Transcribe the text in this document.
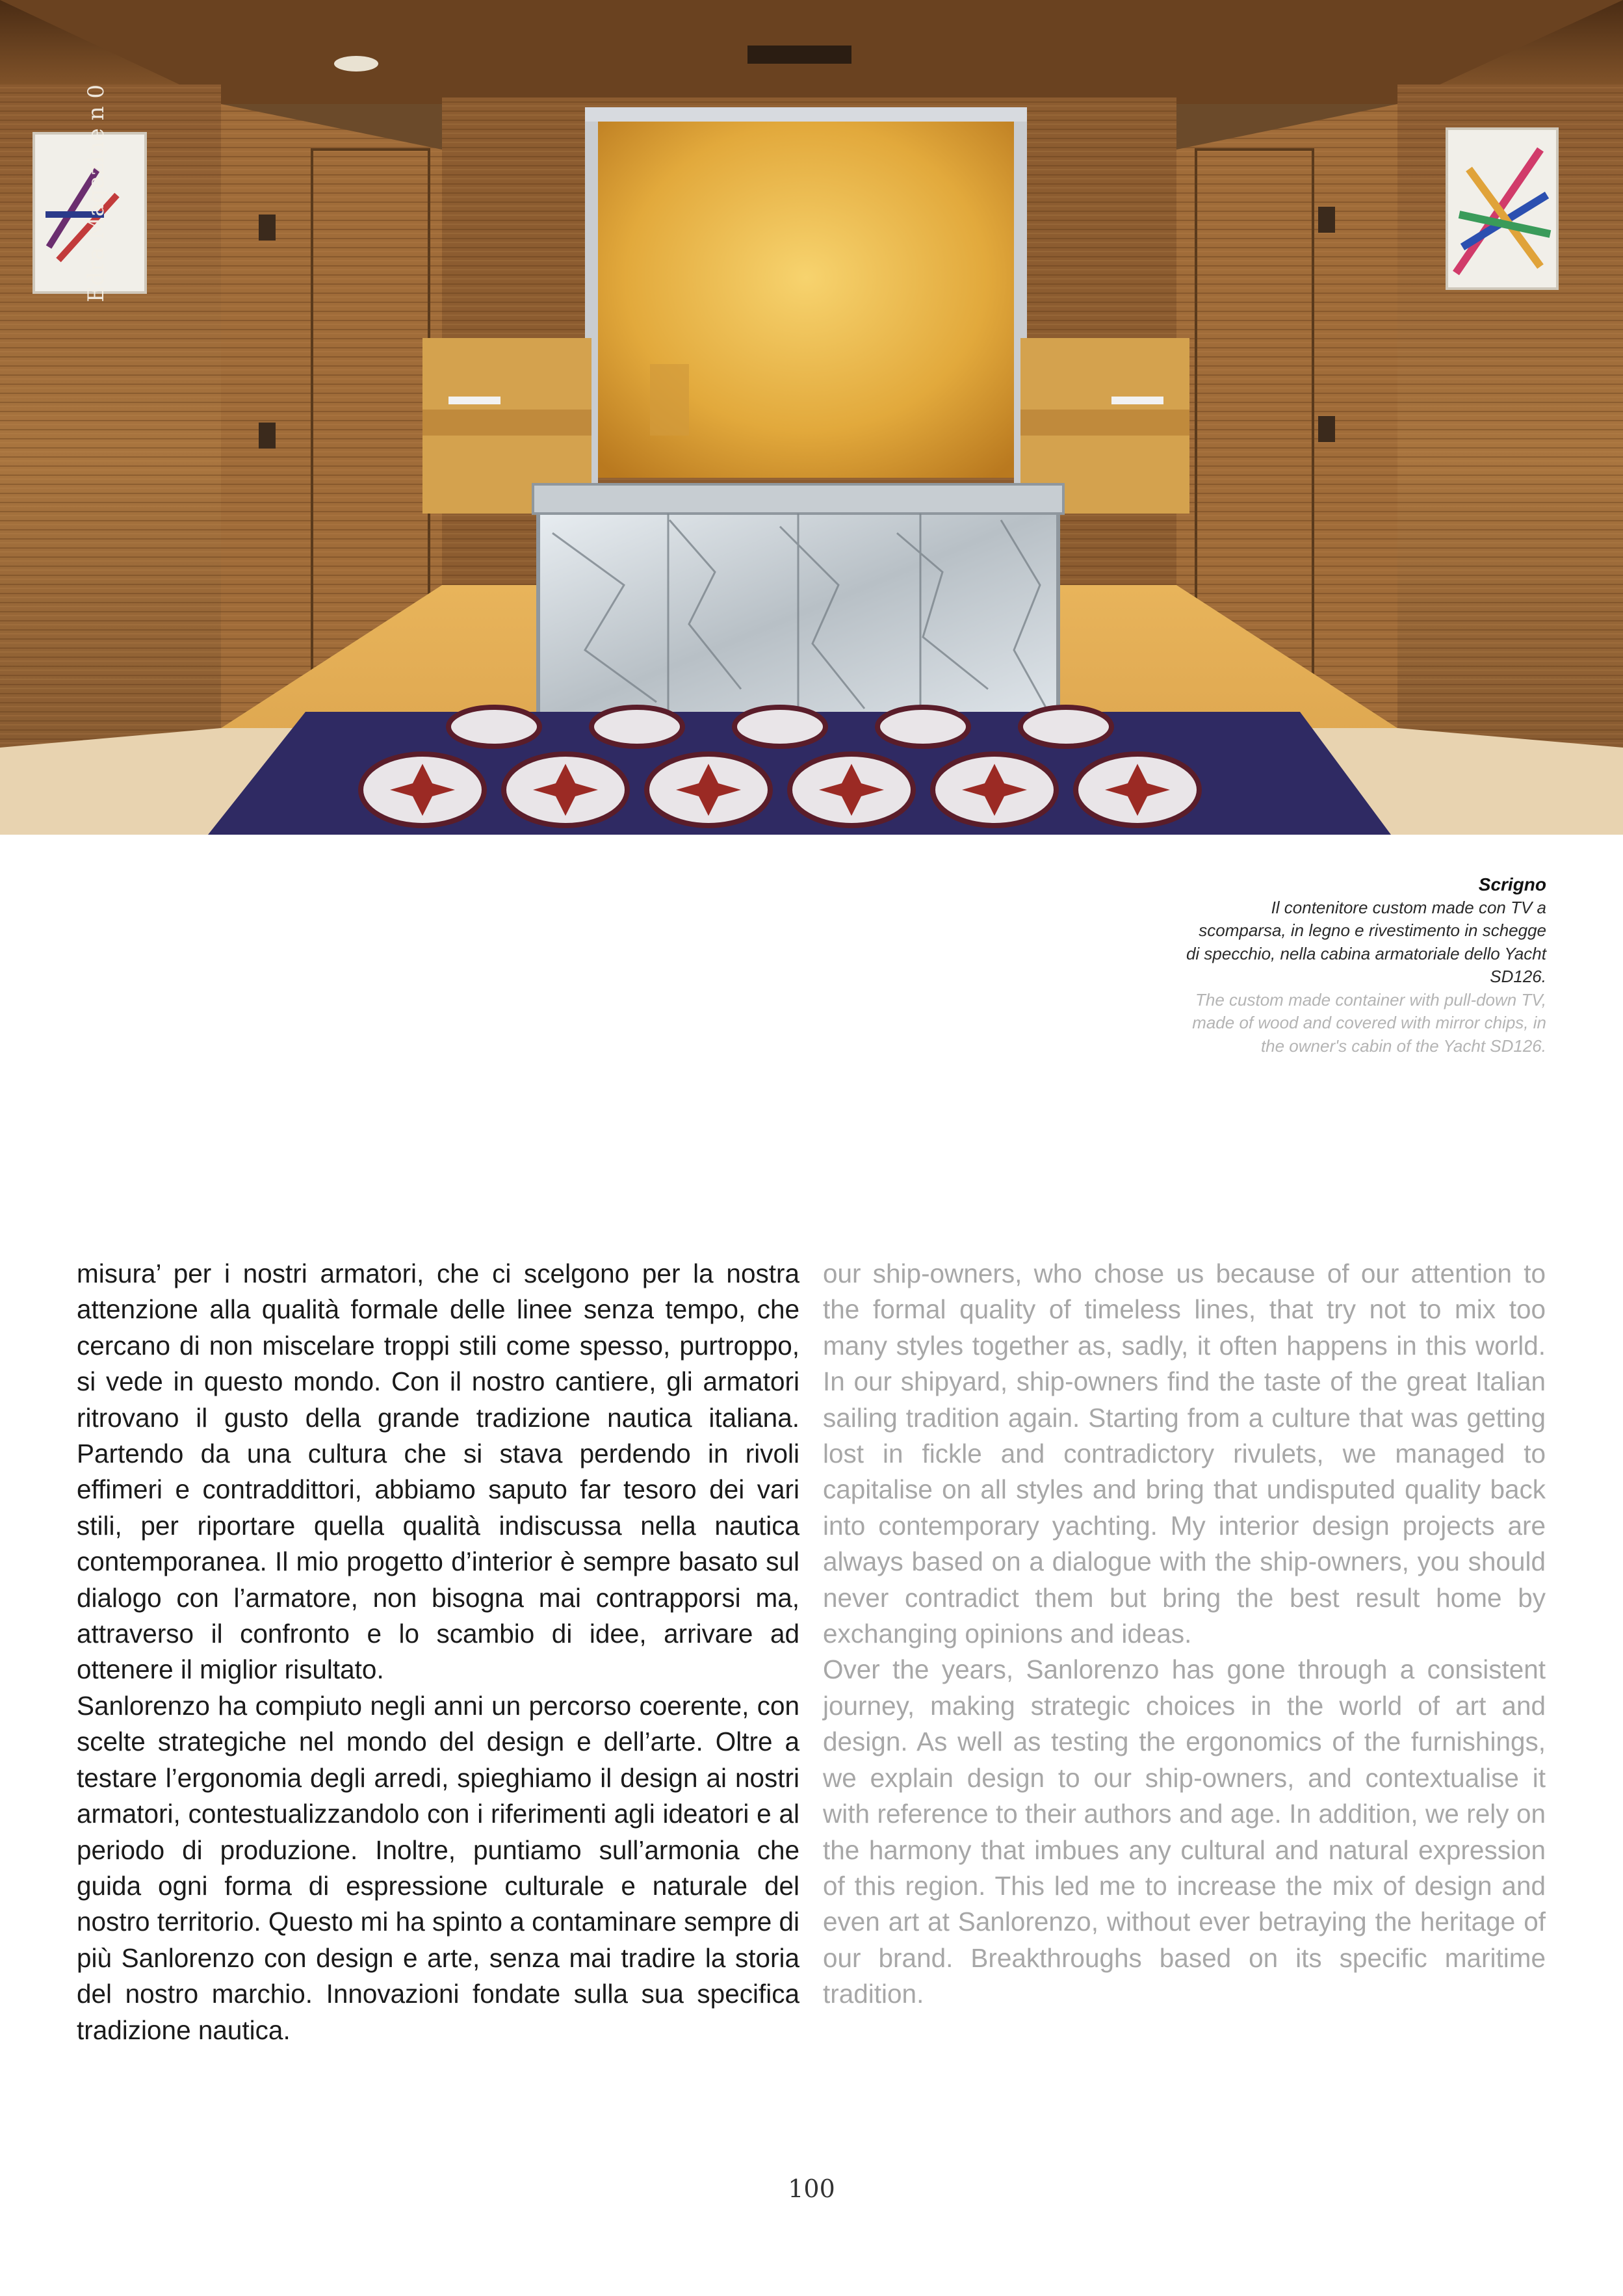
Edra Magazine n 0
Scrigno
Il contenitore custom made con TV a scomparsa, in legno e rivestimento in schegge di specchio, nella cabina armatoriale dello Yacht SD126.
The custom made container with pull-down TV, made of wood and covered with mirror chips, in the owner's cabin of the Yacht SD126.

misura’ per i nostri armatori, che ci scelgono per la nostra attenzione alla qualità formale delle linee senza tempo, che cercano di non miscelare troppi stili come spesso, purtroppo, si vede in questo mondo. Con il nostro cantiere, gli armatori ritrovano il gusto della grande tradizione nautica italiana. Partendo da una cultura che si stava perdendo in rivoli effimeri e contraddittori, abbiamo saputo far tesoro dei vari stili, per riportare quella qualità indiscussa nella nautica contemporanea. Il mio progetto d’interior è sempre basato sul dialogo con l’armatore, non bisogna mai contrapporsi ma, attraverso il confronto e lo scambio di idee, arrivare ad ottenere il miglior risultato.

Sanlorenzo ha compiuto negli anni un percorso coerente, con scelte strategiche nel mondo del design e dell’arte. Oltre a testare l’ergonomia degli arredi, spieghiamo il design ai nostri armatori, contestualizzandolo con i riferimenti agli ideatori e al periodo di produzione. Inoltre, puntiamo sull’armonia che guida ogni forma di espressione culturale e naturale del nostro territorio. Questo mi ha spinto a contaminare sempre di più Sanlorenzo con design e arte, senza mai tradire la storia del nostro marchio. Innovazioni fondate sulla sua specifica tradizione nautica.

our ship-owners, who chose us because of our attention to the formal quality of timeless lines, that try not to mix too many styles together as, sadly, it often happens in this world. In our shipyard, ship-owners find the taste of the great Italian sailing tradition again. Starting from a culture that was getting lost in fickle and contradictory rivulets, we managed to capitalise on all styles and bring that undisputed quality back into contemporary yachting. My interior design projects are always based on a dialogue with the ship-owners, you should never contradict them but bring the best result home by exchanging opinions and ideas.

Over the years, Sanlorenzo has gone through a consistent journey, making strategic choices in the world of art and design. As well as testing the ergonomics of the furnishings, we explain design to our ship-owners, and contextualise it with reference to their authors and age. In addition, we rely on the harmony that imbues any cultural and natural expression of this region. This led me to increase the mix of design and even art at Sanlorenzo, without ever betraying the heritage of our brand. Breakthroughs based on its specific maritime tradition.

100
